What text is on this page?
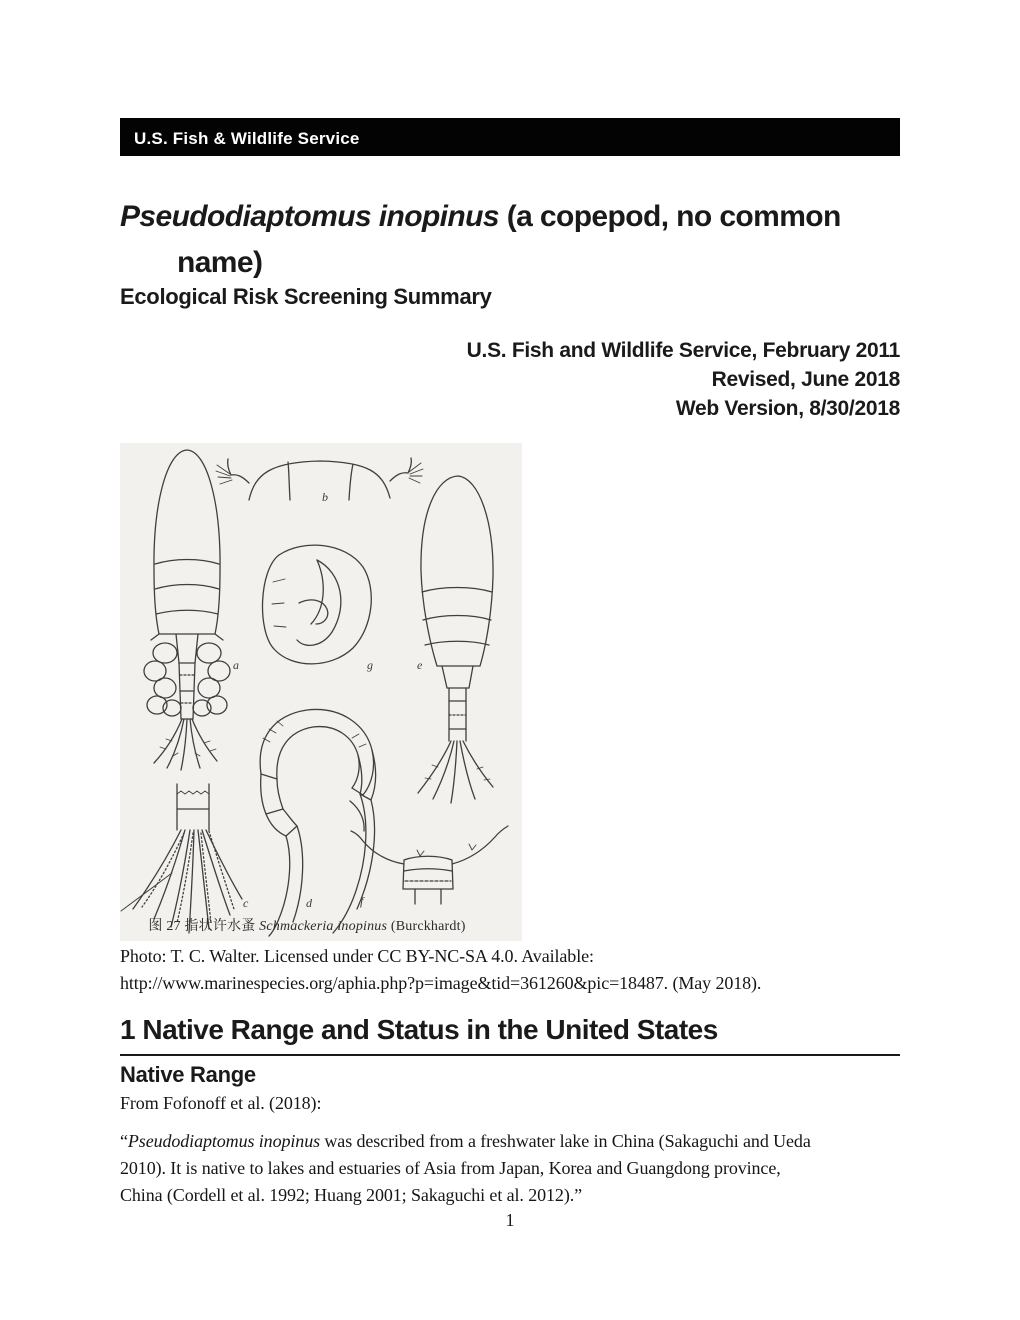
U.S. Fish & Wildlife Service
Pseudodiaptomus inopinus (a copepod, no common
name)
Ecological Risk Screening Summary
U.S. Fish and Wildlife Service, February 2011
Revised, June 2018
Web Version, 8/30/2018
a
b
g	e
c	d	f
图 27 指状许水蚤 Schmackeria inopinus (Burckhardt)
Photo: T. C. Walter. Licensed under CC BY-NC-SA 4.0. Available:
http://www.marinespecies.org/aphia.php?p=image&tid=361260&pic=18487. (May 2018).
1 Native Range and Status in the United States
Native Range
From Fofonoff et al. (2018):
“Pseudodiaptomus inopinus was described from a freshwater lake in China (Sakaguchi and Ueda
2010). It is native to lakes and estuaries of Asia from Japan, Korea and Guangdong province,
China (Cordell et al. 1992; Huang 2001; Sakaguchi et al. 2012).”
1
